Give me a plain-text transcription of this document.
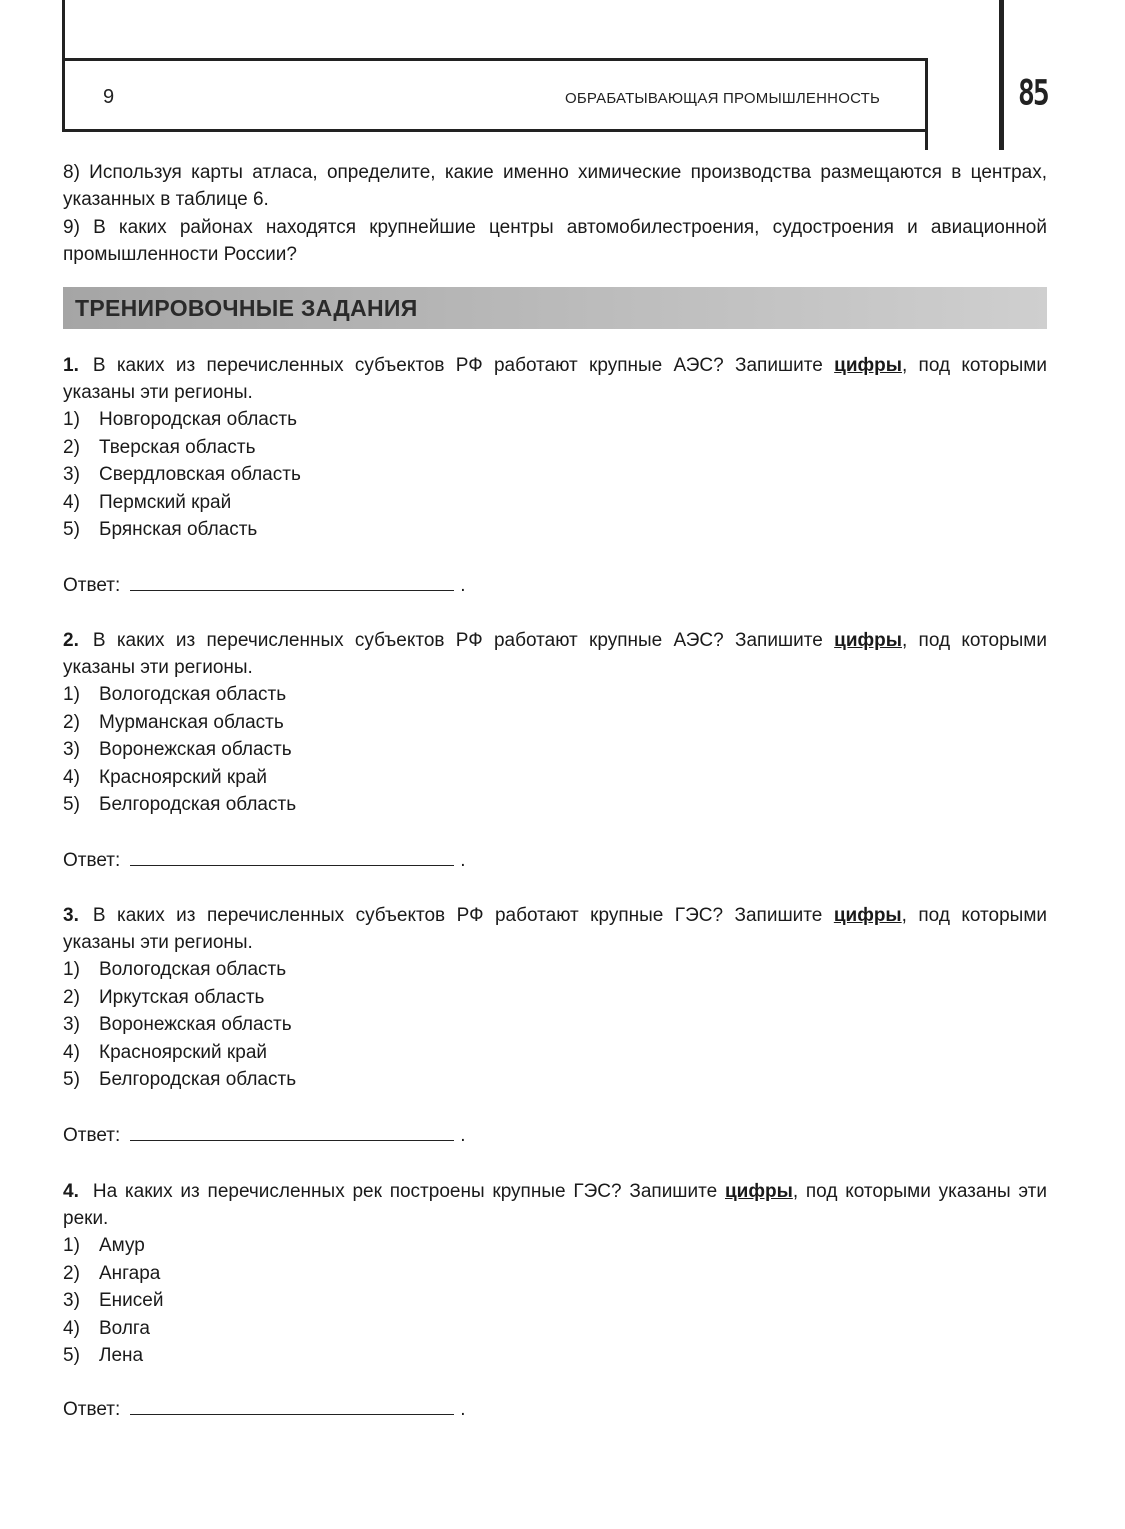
9	ОБРАБАТЫВАЮЩАЯ ПРОМЫШЛЕННОСТЬ	85

8) Используя карты атласа, определите, какие именно химические производства размещаются в центрах, указанных в таблице 6.

9) В каких районах находятся крупнейшие центры автомобилестроения, судостроения и авиационной промышленности России?

ТРЕНИРОВОЧНЫЕ ЗАДАНИЯ

1. В каких из перечисленных субъектов РФ работают крупные АЭС? Запишите цифры, под которыми указаны эти регионы.

1) Новгородская область
2) Тверская область
3) Свердловская область
4) Пермский край
5) Брянская область
Ответ:	.

2. В каких из перечисленных субъектов РФ работают крупные АЭС? Запишите цифры, под которыми указаны эти регионы.

1) Вологодская область
2) Мурманская область
3) Воронежская область
4) Красноярский край
5) Белгородская область
Ответ:	.

3. В каких из перечисленных субъектов РФ работают крупные ГЭС? Запишите цифры, под которыми указаны эти регионы.

1) Вологодская область
2) Иркутская область
3) Воронежская область
4) Красноярский край
5) Белгородская область
Ответ:	.

4. На каких из перечисленных рек построены крупные ГЭС? Запишите цифры, под которыми указаны эти реки.

1) Амур
2) Ангара
3) Енисей
4) Волга
5) Лена
Ответ:	.
